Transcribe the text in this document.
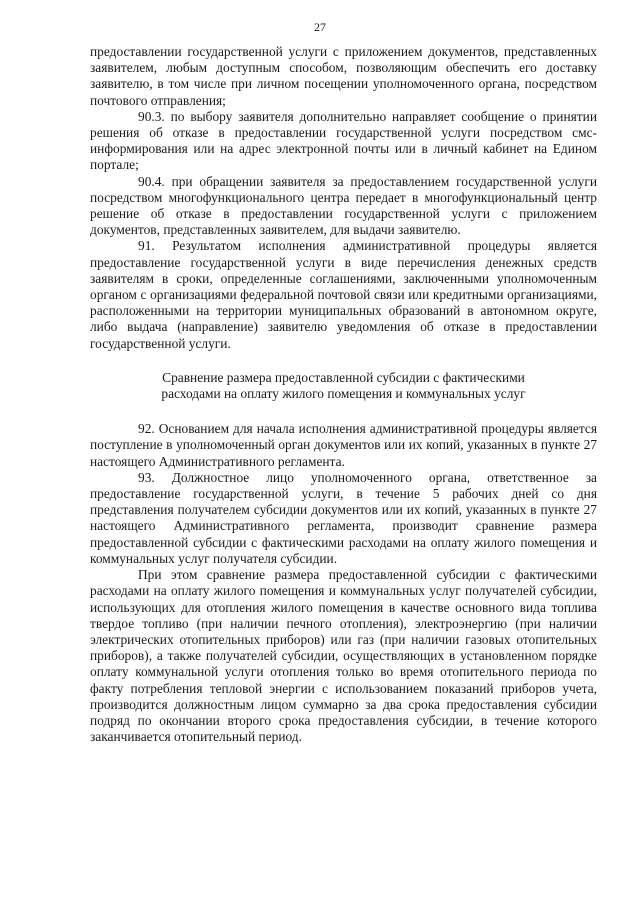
27

предоставлении государственной услуги с приложением документов, представленных заявителем, любым доступным способом, позволяющим обеспечить его доставку заявителю, в том числе при личном посещении уполномоченного органа, посредством почтового отправления;

90.3. по выбору заявителя дополнительно направляет сообщение о принятии решения об отказе в предоставлении государственной услуги посредством смс-информирования или на адрес электронной почты или в личный кабинет на Едином портале;

90.4. при обращении заявителя за предоставлением государственной услуги посредством многофункционального центра передает в многофункциональный центр решение об отказе в предоставлении государственной услуги с приложением документов, представленных заявителем, для выдачи заявителю.

91. Результатом исполнения административной процедуры является предоставление государственной услуги в виде перечисления денежных средств заявителям в сроки, определенные соглашениями, заключенными уполномоченным органом с организациями федеральной почтовой связи или кредитными организациями, расположенными на территории муниципальных образований в автономном округе, либо выдача (направление) заявителю уведомления об отказе в предоставлении государственной услуги.

Сравнение размера предоставленной субсидии с фактическими
расходами на оплату жилого помещения и коммунальных услуг

92. Основанием для начала исполнения административной процедуры является поступление в уполномоченный орган документов или их копий, указанных в пункте 27 настоящего Административного регламента.

93. Должностное лицо уполномоченного органа, ответственное за предоставление государственной услуги, в течение 5 рабочих дней со дня представления получателем субсидии документов или их копий, указанных в пункте 27 настоящего Административного регламента, производит сравнение размера предоставленной субсидии с фактическими расходами на оплату жилого помещения и коммунальных услуг получателя субсидии.

При этом сравнение размера предоставленной субсидии с фактическими расходами на оплату жилого помещения и коммунальных услуг получателей субсидии, использующих для отопления жилого помещения в качестве основного вида топлива твердое топливо (при наличии печного отопления), электроэнергию (при наличии электрических отопительных приборов) или газ (при наличии газовых отопительных приборов), а также получателей субсидии, осуществляющих в установленном порядке оплату коммунальной услуги отопления только во время отопительного периода по факту потребления тепловой энергии с использованием показаний приборов учета, производится должностным лицом суммарно за два срока предоставления субсидии подряд по окончании второго срока предоставления субсидии, в течение которого заканчивается отопительный период.
